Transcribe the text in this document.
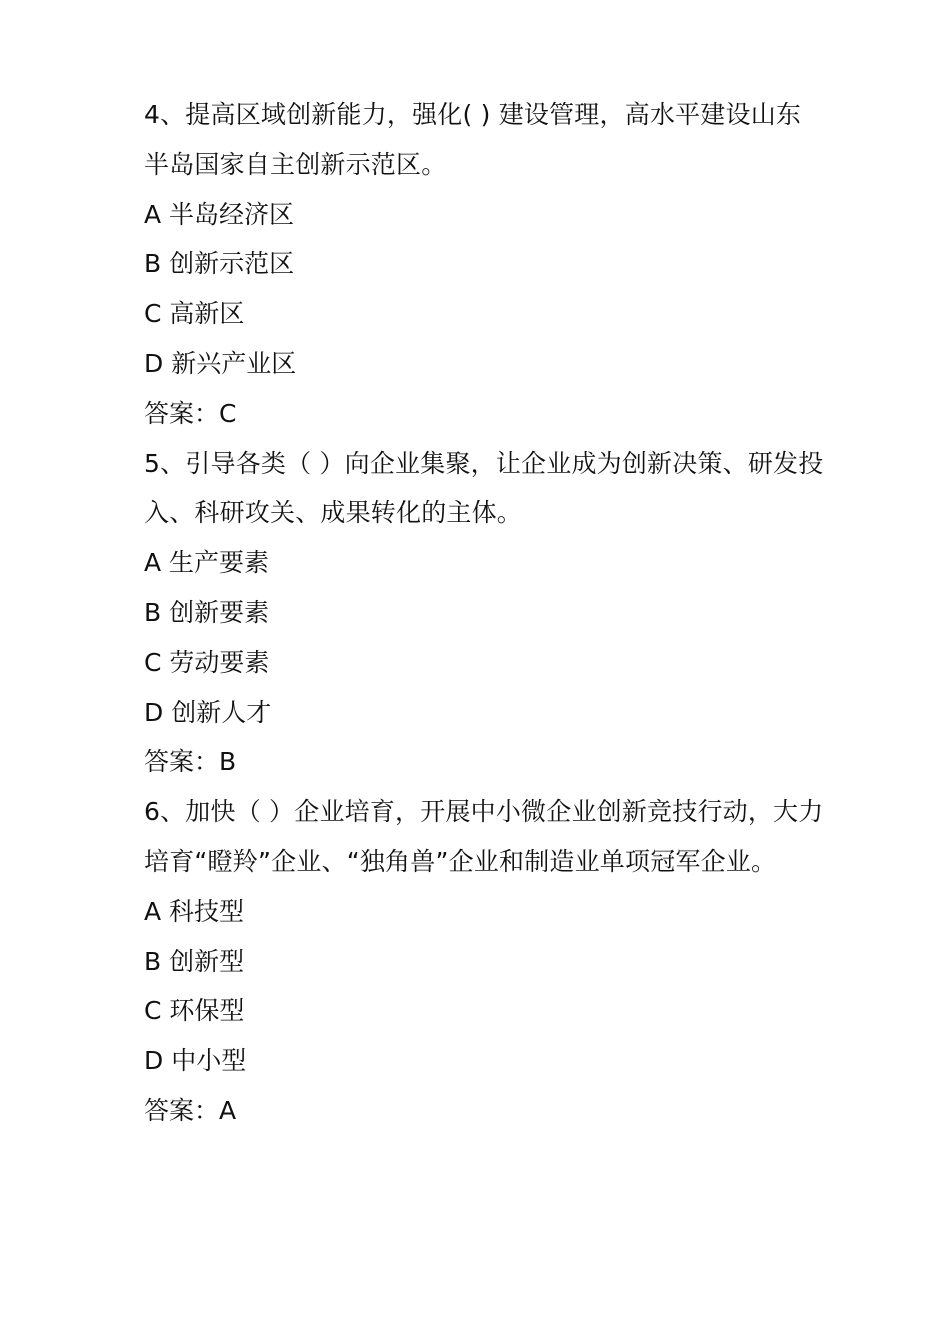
4、提高区域创新能力，强化( ) 建设管理，高水平建设山东半岛国家自主创新示范区。

A 半岛经济区

B 创新示范区

C 高新区

D 新兴产业区

答案：C

5、引导各类（ ）向企业集聚，让企业成为创新决策、研发投入、科研攻关、成果转化的主体。

A 生产要素

B 创新要素

C 劳动要素

D 创新人才

答案：B

6、加快（ ）企业培育，开展中小微企业创新竞技行动，大力培育“瞪羚”企业、“独角兽”企业和制造业单项冠军企业。

A 科技型

B 创新型

C 环保型

D 中小型

答案：A
